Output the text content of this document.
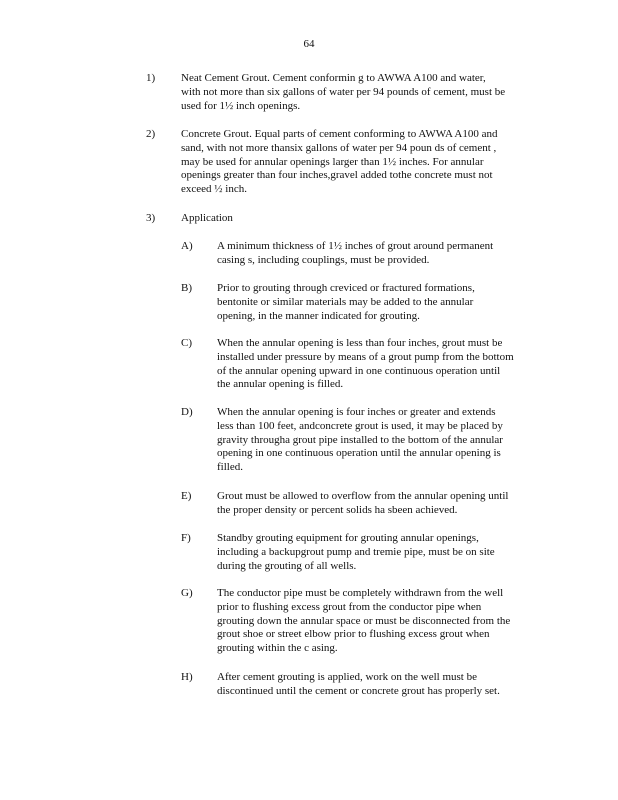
64
1) Neat Cement Grout. Cement conformin g to AWWA A100 and water,
with not more than six gallons of water per 94 pounds of cement, must be
used for 1½ inch openings.
2) Concrete Grout. Equal parts of cement conforming to AWWA A100 and
sand, with not more thansix gallons of water per 94 poun ds of cement ,
may be used for annular openings larger than 1½ inches. For annular
openings greater than four inches,gravel added tothe concrete must not
exceed ½ inch.
3) Application
A) A minimum thickness of 1½ inches of grout around permanent
casing s, including couplings, must be provided.
B) Prior to grouting through creviced or fractured formations,
bentonite or similar materials may be added to the annular
opening, in the manner indicated for grouting.
C) When the annular opening is less than four inches, grout must be
installed under pressure by means of a grout pump from the bottom
of the annular opening upward in one continuous operation until
the annular opening is filled.
D) When the annular opening is four inches or greater and extends
less than 100 feet, andconcrete grout is used, it may be placed by
gravity througha grout pipe installed to the bottom of the annular
opening in one continuous operation until the annular opening is
filled.
E) Grout must be allowed to overflow from the annular opening until
the proper density or percent solids ha sbeen achieved.
F) Standby grouting equipment for grouting annular openings,
including a backupgrout pump and tremie pipe, must be on site
during the grouting of all wells.
G) The conductor pipe must be completely withdrawn from the well
prior to flushing excess grout from the conductor pipe when
grouting down the annular space or must be disconnected from the
grout shoe or street elbow prior to flushing excess grout when
grouting within the c asing.
H) After cement grouting is applied, work on the well must be
discontinued until the cement or concrete grout has properly set.
